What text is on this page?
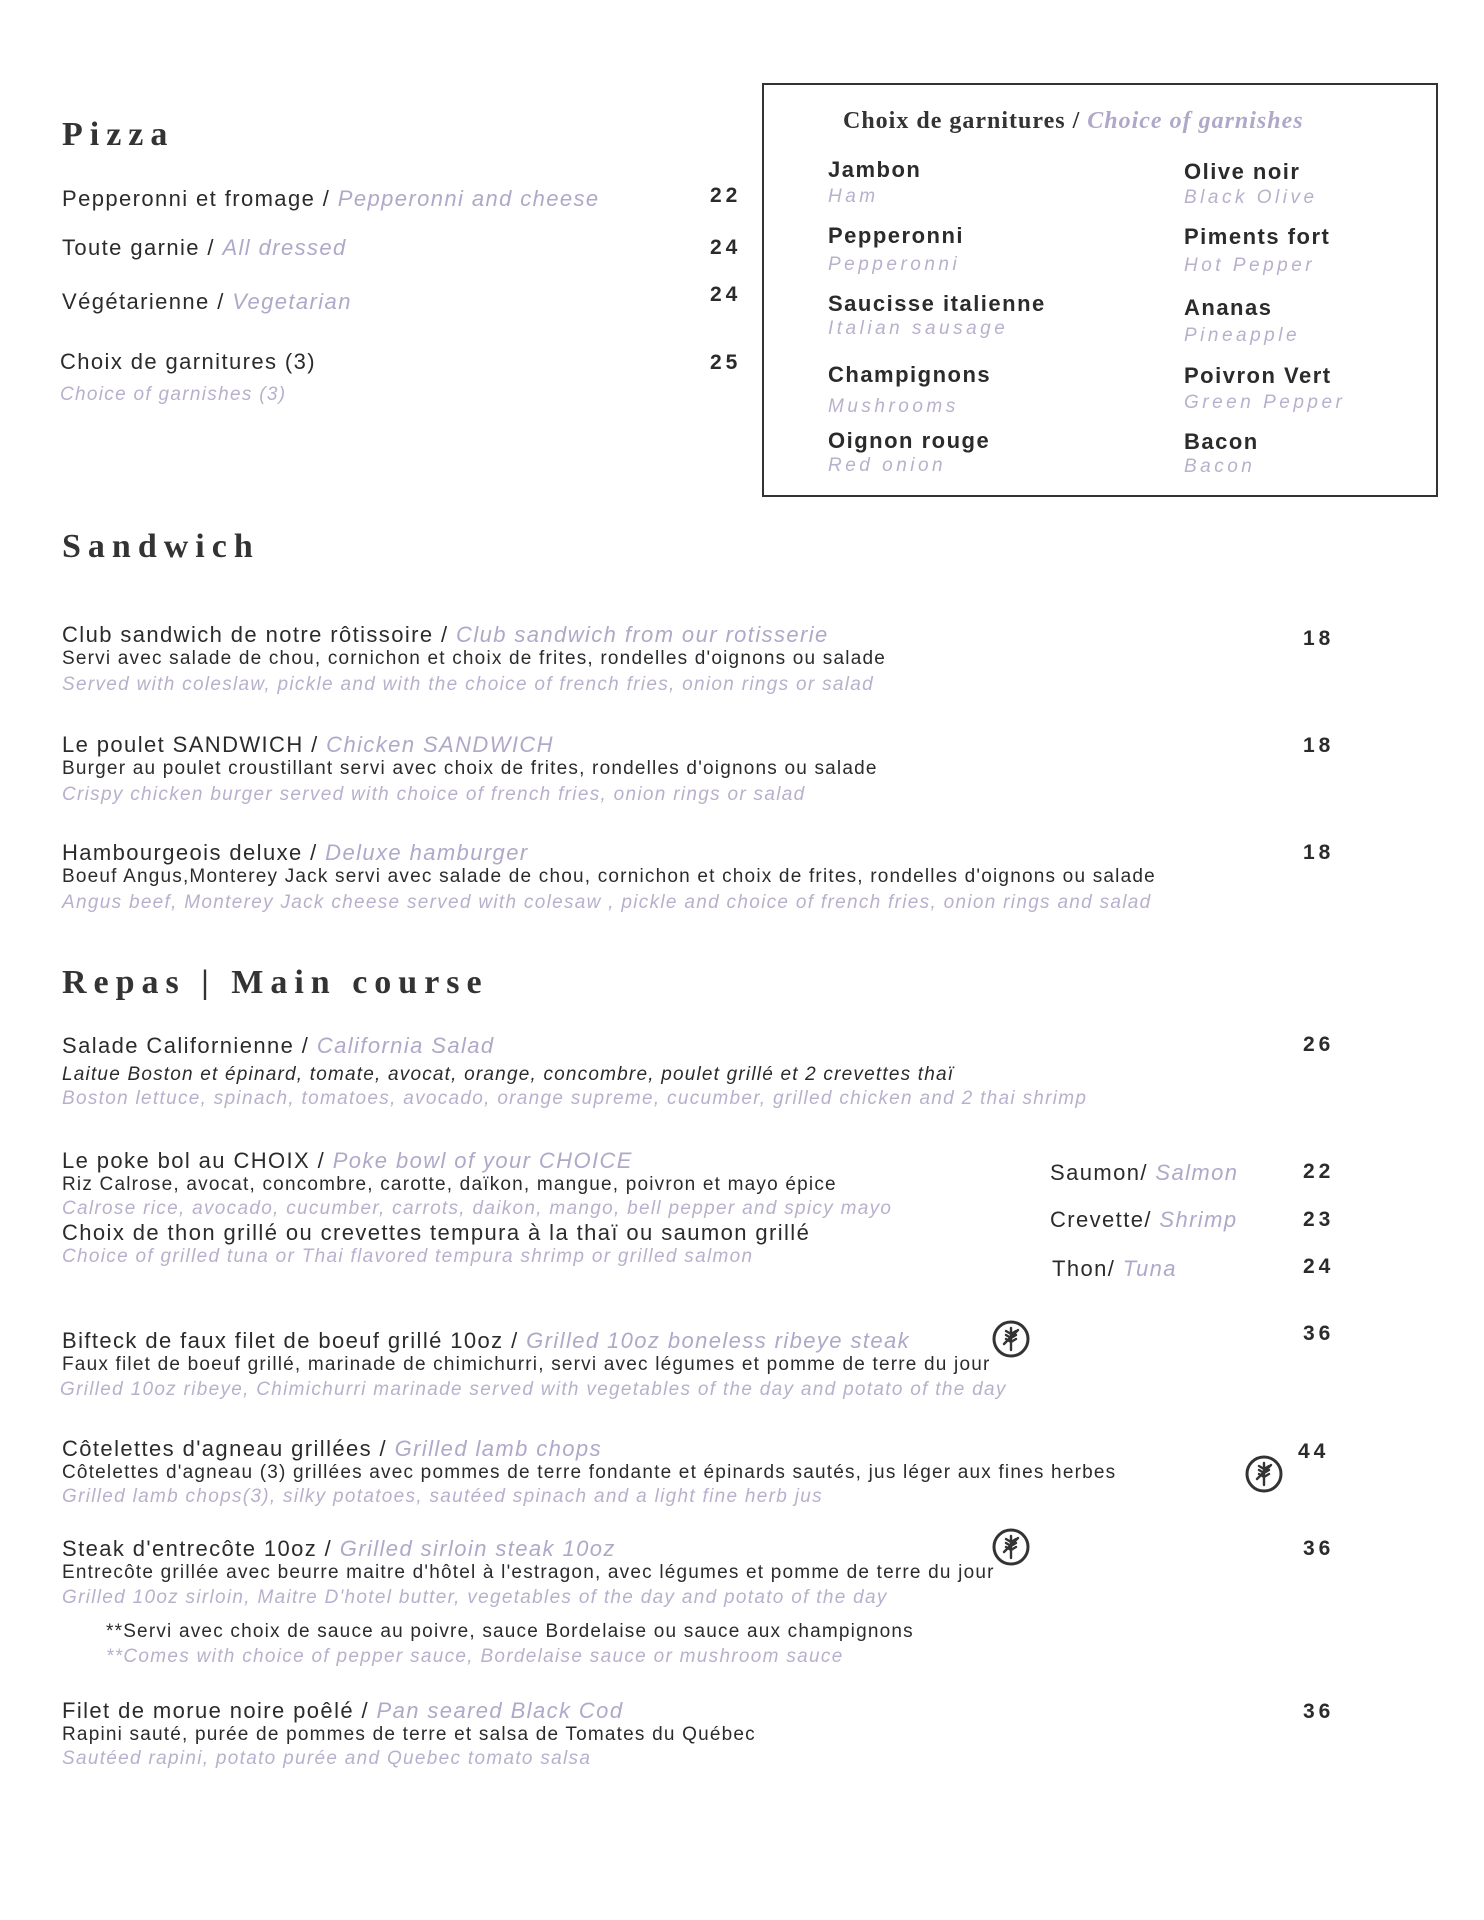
Pizza
Pepperonni et fromage / Pepperonni and cheese	22
Toute garnie / All dressed	24
Végétarienne / Vegetarian	24
Choix de garnitures (3)
Choice of garnishes (3)
25
Choix de garnitures / Choice of garnishes
Jambon
Ham
Pepperonni
Pepperonni
Saucisse italienne
Italian sausage
Champignons
Mushrooms
Oignon rouge
Red onion
Olive noir
Black Olive
Piments fort
Hot Pepper
Ananas
Pineapple
Poivron Vert
Green Pepper
Bacon
Bacon
Sandwich
Club sandwich de notre rôtissoire / Club sandwich from our rotisserie
Servi avec salade de chou, cornichon et choix de frites, rondelles d'oignons ou salade
Served with coleslaw, pickle and with the choice of french fries, onion rings or salad
18
Le poulet SANDWICH / Chicken SANDWICH
Burger au poulet croustillant servi avec choix de frites, rondelles d'oignons ou salade
Crispy chicken burger served with choice of french fries, onion rings or salad
18
Hambourgeois deluxe / Deluxe hamburger
Boeuf Angus,Monterey Jack servi avec salade de chou, cornichon et choix de frites, rondelles d'oignons ou salade
Angus beef, Monterey Jack cheese served with colesaw , pickle and choice of french fries, onion rings and salad
18
Repas | Main course
Salade Californienne / California Salad
Laitue Boston et épinard, tomate, avocat, orange, concombre, poulet grillé et 2 crevettes thaï
Boston lettuce, spinach, tomatoes, avocado, orange supreme, cucumber, grilled chicken and 2 thai shrimp
26
Le poke bol au CHOIX / Poke bowl of your CHOICE
Riz Calrose, avocat, concombre, carotte, daïkon, mangue, poivron et mayo épice
Calrose rice, avocado, cucumber, carrots, daikon, mango, bell pepper and spicy mayo
Choix de thon grillé ou crevettes tempura à la thaï ou saumon grillé
Choice of grilled tuna or Thai flavored tempura shrimp or grilled salmon
Saumon/ Salmon	22
Crevette/ Shrimp	23
Thon/ Tuna	24
Bifteck de faux filet de boeuf grillé 10oz / Grilled 10oz boneless ribeye steak
Faux filet de boeuf grillé, marinade de chimichurri, servi avec légumes et pomme de terre du jour
Grilled 10oz ribeye, Chimichurri marinade served with vegetables of the day and potato of the day
36
Côtelettes d'agneau grillées / Grilled lamb chops
Côtelettes d'agneau (3) grillées avec pommes de terre fondante et épinards sautés, jus léger aux fines herbes
Grilled lamb chops(3), silky potatoes, sautéed spinach and a light fine herb jus
44
Steak d'entrecôte 10oz / Grilled sirloin steak 10oz
Entrecôte grillée avec beurre maitre d'hôtel à l'estragon, avec légumes et pomme de terre du jour
Grilled 10oz sirloin, Maitre D'hotel butter, vegetables of the day and potato of the day
36
**Servi avec choix de sauce au poivre, sauce Bordelaise ou sauce aux champignons
**Comes with choice of pepper sauce, Bordelaise sauce or mushroom sauce
Filet de morue noire poêlé / Pan seared Black Cod
Rapini sauté, purée de pommes de terre et salsa de Tomates du Québec
Sautéed rapini, potato purée and Quebec tomato salsa
36
